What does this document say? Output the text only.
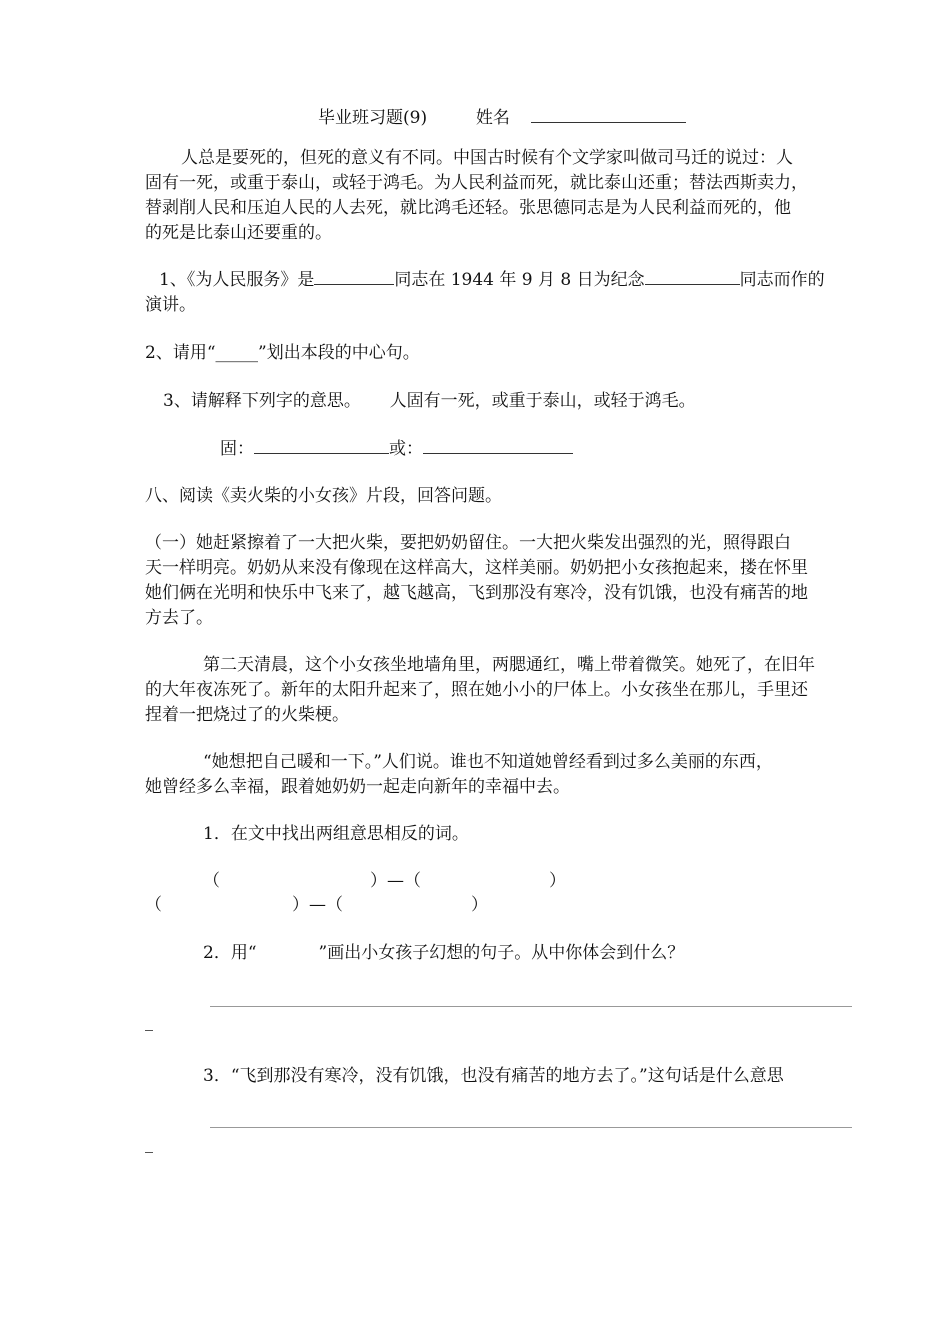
毕业班习题(9)	姓名
人总是要死的，但死的意义有不同。中国古时候有个文学家叫做司马迁的说过：人
固有一死，或重于泰山，或轻于鸿毛。为人民利益而死，就比泰山还重；替法西斯卖力，
替剥削人民和压迫人民的人去死，就比鸿毛还轻。张思德同志是为人民利益而死的，他
的死是比泰山还要重的。
1、《为人民服务》是	同志在 1944 年 9 月 8 日为纪念	同志而作的
演讲。
2、请用“_____”划出本段的中心句。
3、请解释下列字的意思。 人固有一死，或重于泰山，或轻于鸿毛。
固：	或：
八、阅读《卖火柴的小女孩》片段，回答问题。
（一）她赶紧擦着了一大把火柴，要把奶奶留住。一大把火柴发出强烈的光，照得跟白
天一样明亮。奶奶从来没有像现在这样高大，这样美丽。奶奶把小女孩抱起来，搂在怀里
她们俩在光明和快乐中飞来了，越飞越高，飞到那没有寒冷，没有饥饿，也没有痛苦的地
方去了。
第二天清晨，这个小女孩坐地墙角里，两腮通红，嘴上带着微笑。她死了，在旧年
的大年夜冻死了。新年的太阳升起来了，照在她小小的尸体上。小女孩坐在那儿，手里还
捏着一把烧过了的火柴梗。
“她想把自己暖和一下。”人们说。谁也不知道她曾经看到过多么美丽的东西，
她曾经多么幸福，跟着她奶奶一起走向新年的幸福中去。
1．在文中找出两组意思相反的词。
（	）—（	）
（	）—（	）
2．用“	”画出小女孩子幻想的句子。从中你体会到什么？
3．“飞到那没有寒冷，没有饥饿，也没有痛苦的地方去了。”这句话是什么意思
